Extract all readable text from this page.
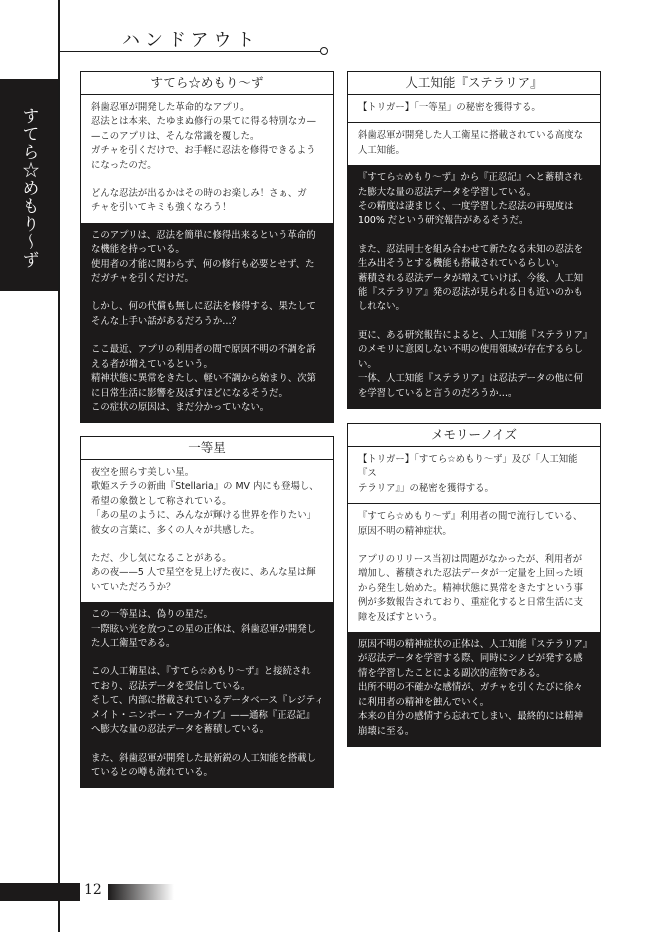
ハンドアウト
すてら☆めもり〜ず
すてら☆めもり〜ず

斜歯忍軍が開発した革命的なアプリ。

忍法とは本来、たゆまぬ修行の果てに得る特別なカ—

—このアプリは、そんな常識を覆した。

ガチャを引くだけで、お手軽に忍法を修得できるよう

になったのだ。

どんな忍法が出るかはその時のお楽しみ！さぁ、ガ

チャを引いてキミも強くなろう！

このアプリは、忍法を簡単に修得出来るという革命的

な機能を持っている。

使用者の才能に関わらず、何の修行も必要とせず、た

だガチャを引くだけだ。

しかし、何の代償も無しに忍法を修得する、果たして

そんな上手い話があるだろうか…？

ここ最近、アプリの利用者の間で原因不明の不調を訴

える者が増えているという。

精神状態に異常をきたし、軽い不調から始まり、次第

に日常生活に影響を及ぼすほどになるそうだ。

この症状の原因は、まだ分かっていない。

人工知能『ステラリア』

【トリガー】「一等星」の秘密を獲得する。

斜歯忍軍が開発した人工衛星に搭載されている高度な

人工知能。

『すてら☆めもり〜ず』から『正忍記』へと蓄積され

た膨大な量の忍法データを学習している。

その精度は凄まじく、一度学習した忍法の再現度は

100% だという研究報告があるそうだ。

また、忍法同士を組み合わせて新たなる未知の忍法を

生み出そうとする機能も搭載されているらしい。

蓄積される忍法データが増えていけば、今後、人工知

能『ステラリア』発の忍法が見られる日も近いのかも

しれない。

更に、ある研究報告によると、人工知能『ステラリア』

のメモリに意図しない不明の使用領域が存在するらし

い。

一体、人工知能『ステラリア』は忍法データの他に何

を学習していると言うのだろうか…。

一等星

夜空を照らす美しい星。

歌姫ステラの新曲『Stellaria』の MV 内にも登場し、

希望の象徴として称されている。

「あの星のように、みんなが輝ける世界を作りたい」

彼女の言葉に、多くの人々が共感した。

ただ、少し気になることがある。

あの夜——5 人で星空を見上げた夜に、あんな星は輝

いていただろうか？

この一等星は、偽りの星だ。

一際眩い光を放つこの星の正体は、斜歯忍軍が開発し

た人工衛星である。

この人工衛星は、『すてら☆めもり〜ず』と接続され

ており、忍法データを受信している。

そして、内部に搭載されているデータベース『レジティ

メイト・ニンポー・アーカイブ』——通称『正忍記』

へ膨大な量の忍法データを蓄積している。

また、斜歯忍軍が開発した最新鋭の人工知能を搭載し

ているとの噂も流れている。

メモリーノイズ

【トリガー】「すてら☆めもり〜ず」及び「人工知能『ス

テラリア』」の秘密を獲得する。

『すてら☆めもり〜ず』利用者の間で流行している、

原因不明の精神症状。

アプリのリリース当初は問題がなかったが、利用者が

増加し、蓄積された忍法データが一定量を上回った頃

から発生し始めた。精神状態に異常をきたすという事

例が多数報告されており、重症化すると日常生活に支

障を及ぼすという。

原因不明の精神症状の正体は、人工知能『ステラリア』

が忍法データを学習する際、同時にシノビが発する感

情を学習したことによる副次的産物である。

出所不明の不確かな感情が、ガチャを引くたびに徐々

に利用者の精神を蝕んでいく。

本来の自分の感情すら忘れてしまい、最終的には精神

崩壊に至る。

12
